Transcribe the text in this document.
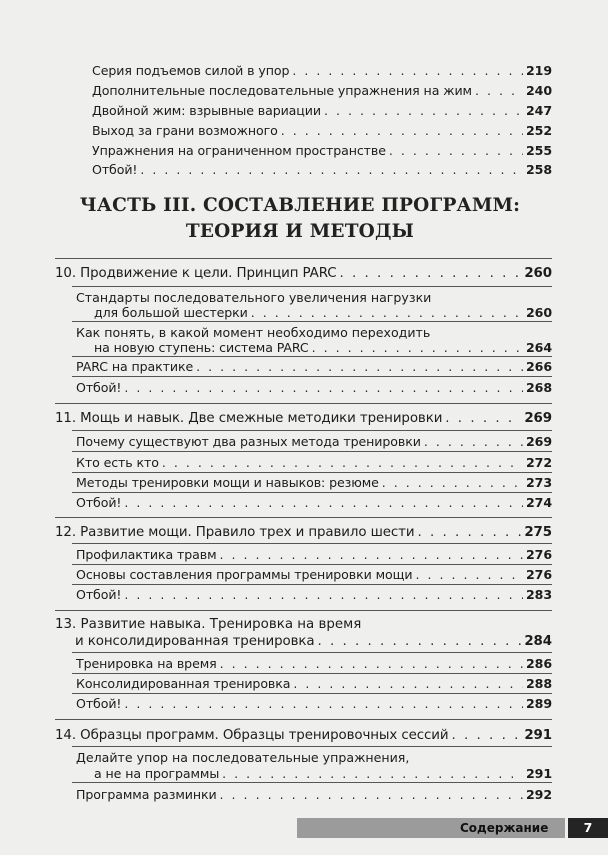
Серия подъемов силой в упор . . .	219
Дополнительные последовательные упражнения на жим . . .	240
Двойной жим: взрывные вариации . . .	247
Выход за грани возможного . . .	252
Упражнения на ограниченном пространстве . . .	255
Отбой! . . .	258
ЧАСТЬ III. СОСТАВЛЕНИЕ ПРОГРАММ:
ТЕОРИЯ И МЕТОДЫ
10. Продвижение к цели. Принцип PARC . . .	260
Стандарты последовательного увеличения нагрузки
для большой шестерки . . .	260
Как понять, в какой момент необходимо переходить
на новую ступень: система PARC . . .	264
PARC на практике . . .	266
Отбой! . . .	268
11. Мощь и навык. Две смежные методики тренировки . . .	269
Почему существуют два разных метода тренировки . . .	269
Кто есть кто . . .	272
Методы тренировки мощи и навыков: резюме . . .	273
Отбой! . . .	274
12. Развитие мощи. Правило трех и правило шести . . .	275
Профилактика травм . . .	276
Основы составления программы тренировки мощи . . .	276
Отбой! . . .	283
13. Развитие навыка. Тренировка на время
и консолидированная тренировка . . .	284
Тренировка на время . . .	286
Консолидированная тренировка . . .	288
Отбой! . . .	289
14. Образцы программ. Образцы тренировочных сессий . . .	291
Делайте упор на последовательные упражнения,
а не на программы . . .	291
Программа разминки . . .	292
Содержание	7
